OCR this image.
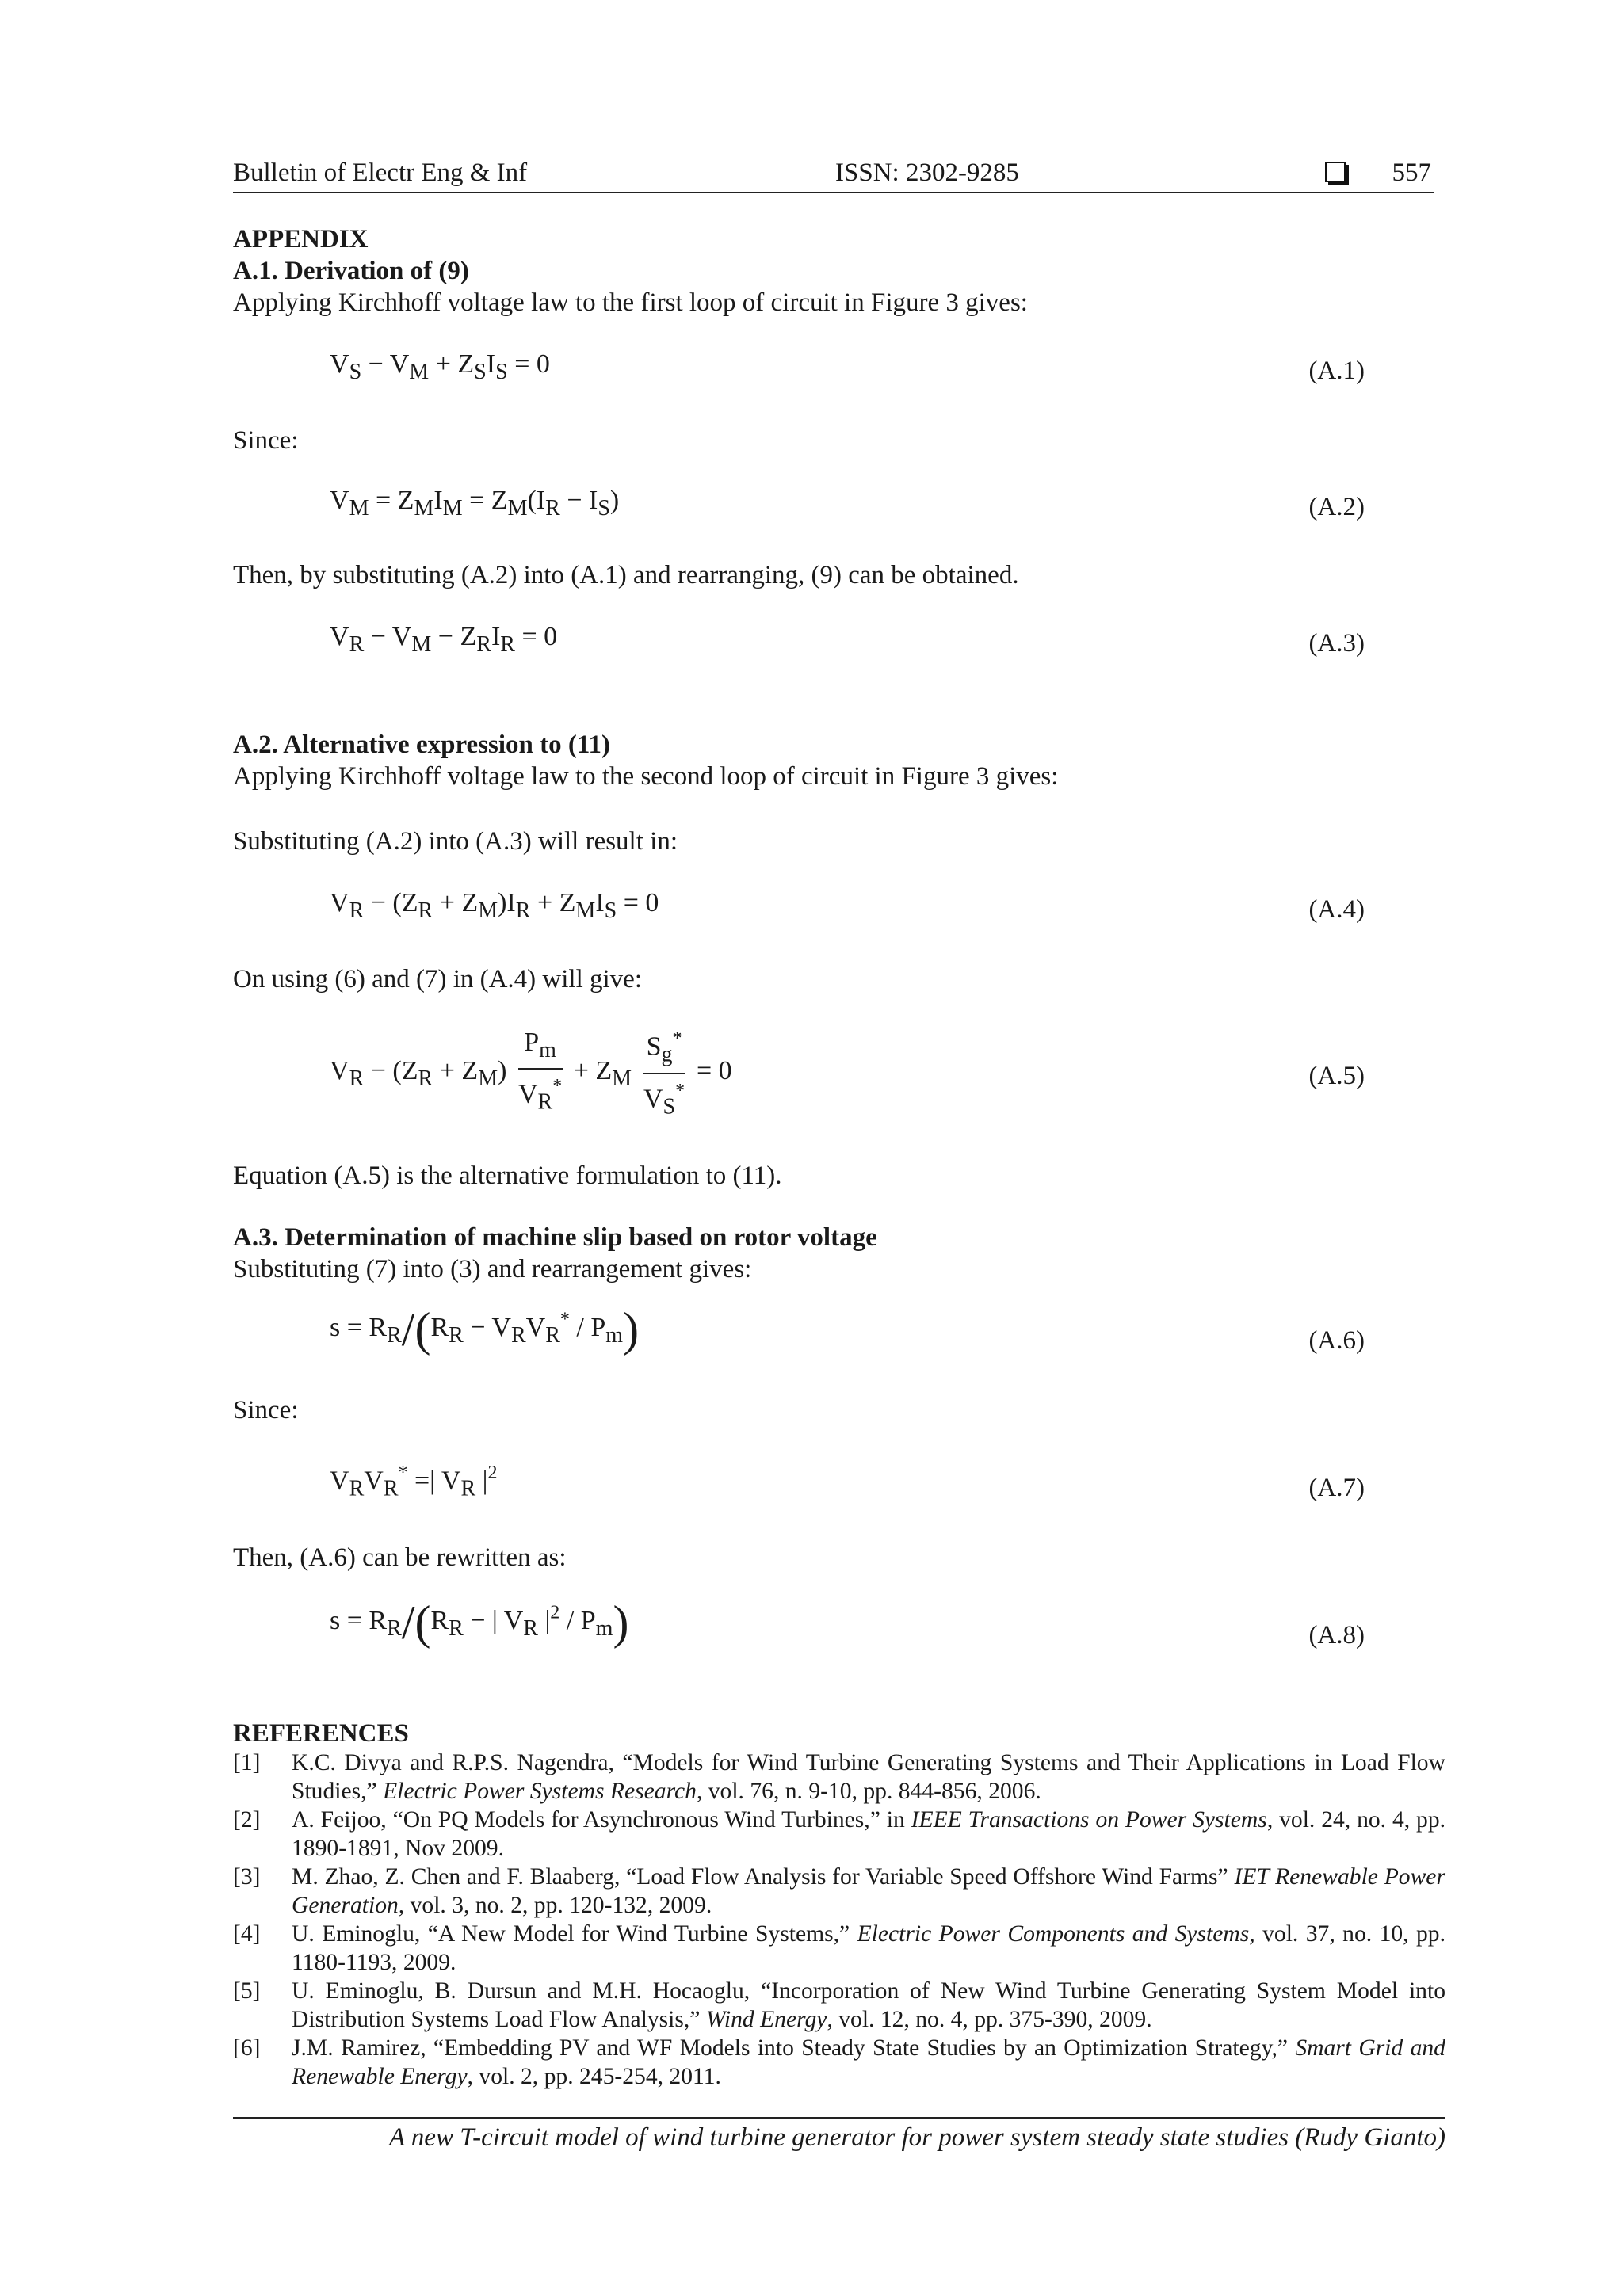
Bulletin of Electr Eng & Inf	ISSN: 2302-9285	557
APPENDIX
A.1. Derivation of (9)
Applying Kirchhoff voltage law to the first loop of circuit in Figure 3 gives:
$V_S - V_M + Z_SI_S = 0$	(A.1)
Since:
$V_M = Z_MI_M = Z_M(I_R - I_S)$	(A.2)
Then, by substituting (A.2) into (A.1) and rearranging, (9) can be obtained.
$V_R - V_M - Z_RI_R = 0$	(A.3)
A.2. Alternative expression to (11)
Applying Kirchhoff voltage law to the second loop of circuit in Figure 3 gives:
Substituting (A.2) into (A.3) will result in:
$V_R - (Z_R + Z_M)I_R + Z_MI_S = 0$	(A.4)
On using (6) and (7) in (A.4) will give:
$V_R - (Z_R + Z_M) \frac{P_m}{V_R^*} + Z_M \frac{S_g^*}{V_S^*} = 0$	(A.5)
Equation (A.5) is the alternative formulation to (11).
A.3. Determination of machine slip based on rotor voltage
Substituting (7) into (3) and rearrangement gives:
$s = R_R/(R_R - V_RV_R^* / P_m)$	(A.6)
Since:
$V_RV_R^*$ =| $V_R$ $|^2$	(A.7)
Then, (A.6) can be rewritten as:
$s = R_R/(R_R$ − | $V_R$ $|^2 / P_m$)	(A.8)
REFERENCES
[1]	K.C. Divya and R.P.S. Nagendra, “Models for Wind Turbine Generating Systems and Their Applications in Load Flow Studies,” Electric Power Systems Research, vol. 76, n. 9-10, pp. 844-856, 2006.
[2]	A. Feijoo, “On PQ Models for Asynchronous Wind Turbines,” in IEEE Transactions on Power Systems, vol. 24, no. 4, pp. 1890-1891, Nov 2009.
[3]	M. Zhao, Z. Chen and F. Blaaberg, “Load Flow Analysis for Variable Speed Offshore Wind Farms” IET Renewable Power Generation, vol. 3, no. 2, pp. 120-132, 2009.
[4]	U. Eminoglu, “A New Model for Wind Turbine Systems,” Electric Power Components and Systems, vol. 37, no. 10, pp. 1180-1193, 2009.
[5]	U. Eminoglu, B. Dursun and M.H. Hocaoglu, “Incorporation of New Wind Turbine Generating System Model into Distribution Systems Load Flow Analysis,” Wind Energy, vol. 12, no. 4, pp. 375-390, 2009.
[6]	J.M. Ramirez, “Embedding PV and WF Models into Steady State Studies by an Optimization Strategy,” Smart Grid and Renewable Energy, vol. 2, pp. 245-254, 2011.
A new T-circuit model of wind turbine generator for power system steady state studies (Rudy Gianto)
